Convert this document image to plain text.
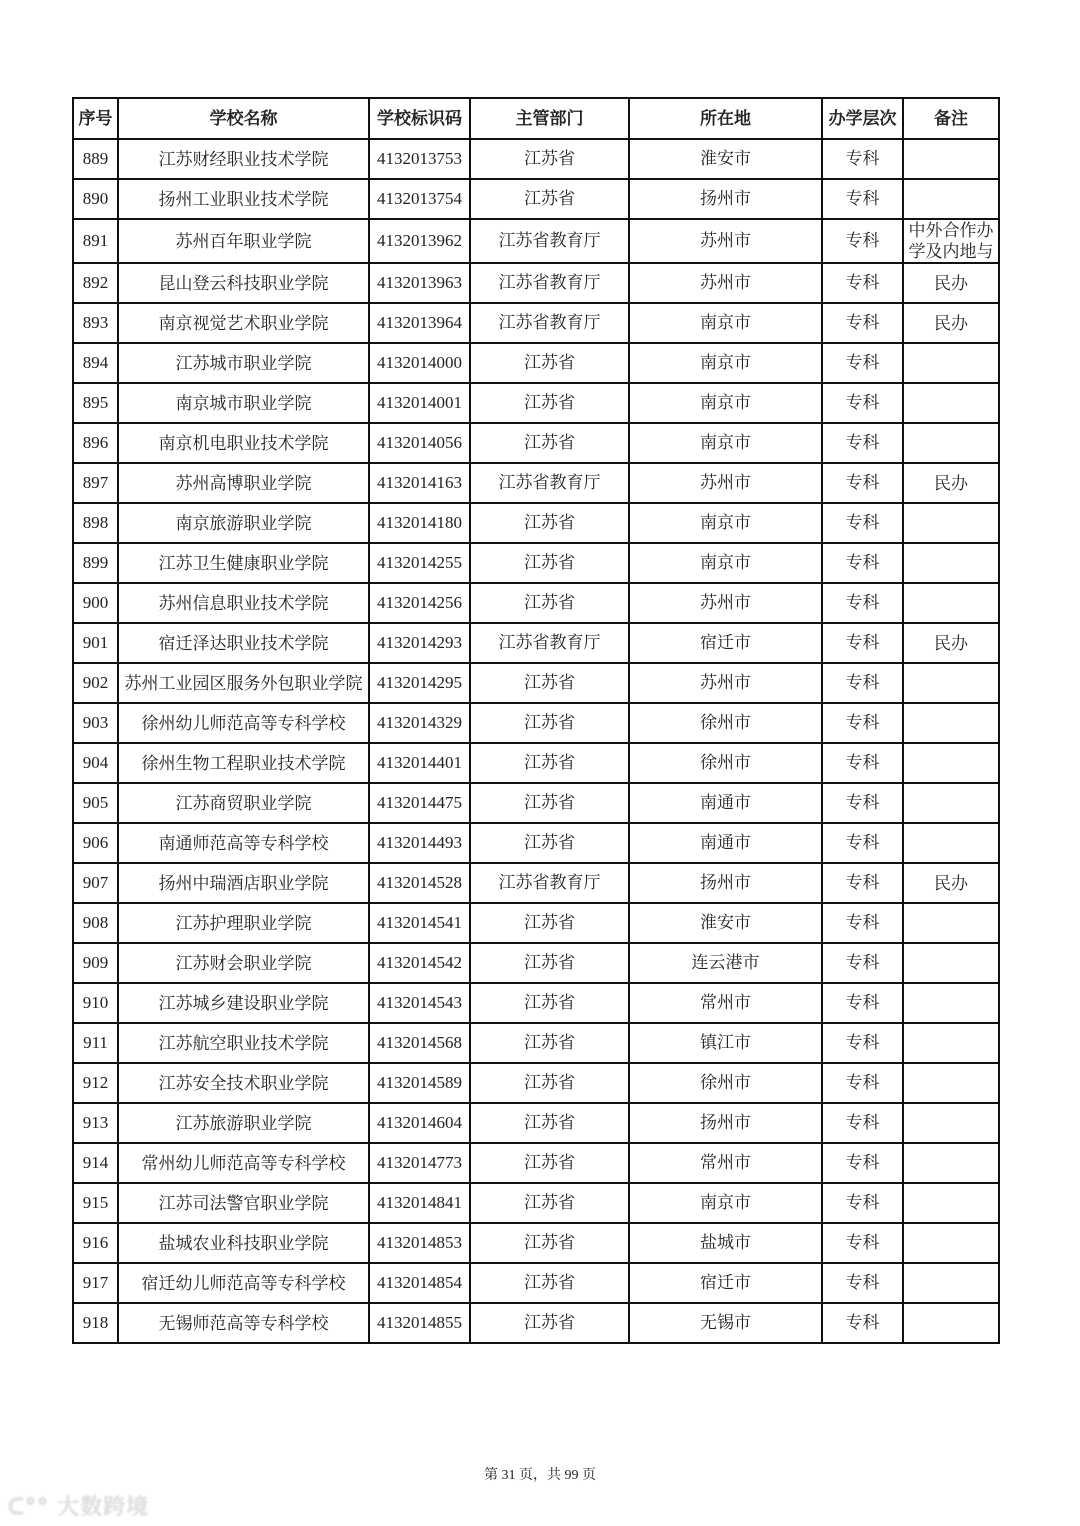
序号	学校名称	学校标识码	主管部门	所在地	办学层次	备注
889	江苏财经职业技术学院	4132013753	江苏省	淮安市	专科	
890	扬州工业职业技术学院	4132013754	江苏省	扬州市	专科	
891	苏州百年职业学院	4132013962	江苏省教育厅	苏州市	专科	中外合作办学及内地与
892	昆山登云科技职业学院	4132013963	江苏省教育厅	苏州市	专科	民办
893	南京视觉艺术职业学院	4132013964	江苏省教育厅	南京市	专科	民办
894	江苏城市职业学院	4132014000	江苏省	南京市	专科	
895	南京城市职业学院	4132014001	江苏省	南京市	专科	
896	南京机电职业技术学院	4132014056	江苏省	南京市	专科	
897	苏州高博职业学院	4132014163	江苏省教育厅	苏州市	专科	民办
898	南京旅游职业学院	4132014180	江苏省	南京市	专科	
899	江苏卫生健康职业学院	4132014255	江苏省	南京市	专科	
900	苏州信息职业技术学院	4132014256	江苏省	苏州市	专科	
901	宿迁泽达职业技术学院	4132014293	江苏省教育厅	宿迁市	专科	民办
902	苏州工业园区服务外包职业学院	4132014295	江苏省	苏州市	专科	
903	徐州幼儿师范高等专科学校	4132014329	江苏省	徐州市	专科	
904	徐州生物工程职业技术学院	4132014401	江苏省	徐州市	专科	
905	江苏商贸职业学院	4132014475	江苏省	南通市	专科	
906	南通师范高等专科学校	4132014493	江苏省	南通市	专科	
907	扬州中瑞酒店职业学院	4132014528	江苏省教育厅	扬州市	专科	民办
908	江苏护理职业学院	4132014541	江苏省	淮安市	专科	
909	江苏财会职业学院	4132014542	江苏省	连云港市	专科	
910	江苏城乡建设职业学院	4132014543	江苏省	常州市	专科	
911	江苏航空职业技术学院	4132014568	江苏省	镇江市	专科	
912	江苏安全技术职业学院	4132014589	江苏省	徐州市	专科	
913	江苏旅游职业学院	4132014604	江苏省	扬州市	专科	
914	常州幼儿师范高等专科学校	4132014773	江苏省	常州市	专科	
915	江苏司法警官职业学院	4132014841	江苏省	南京市	专科	
916	盐城农业科技职业学院	4132014853	江苏省	盐城市	专科	
917	宿迁幼儿师范高等专科学校	4132014854	江苏省	宿迁市	专科	
918	无锡师范高等专科学校	4132014855	江苏省	无锡市	专科	
第 31 页，共 99 页
ᑕ°° 大数跨境
